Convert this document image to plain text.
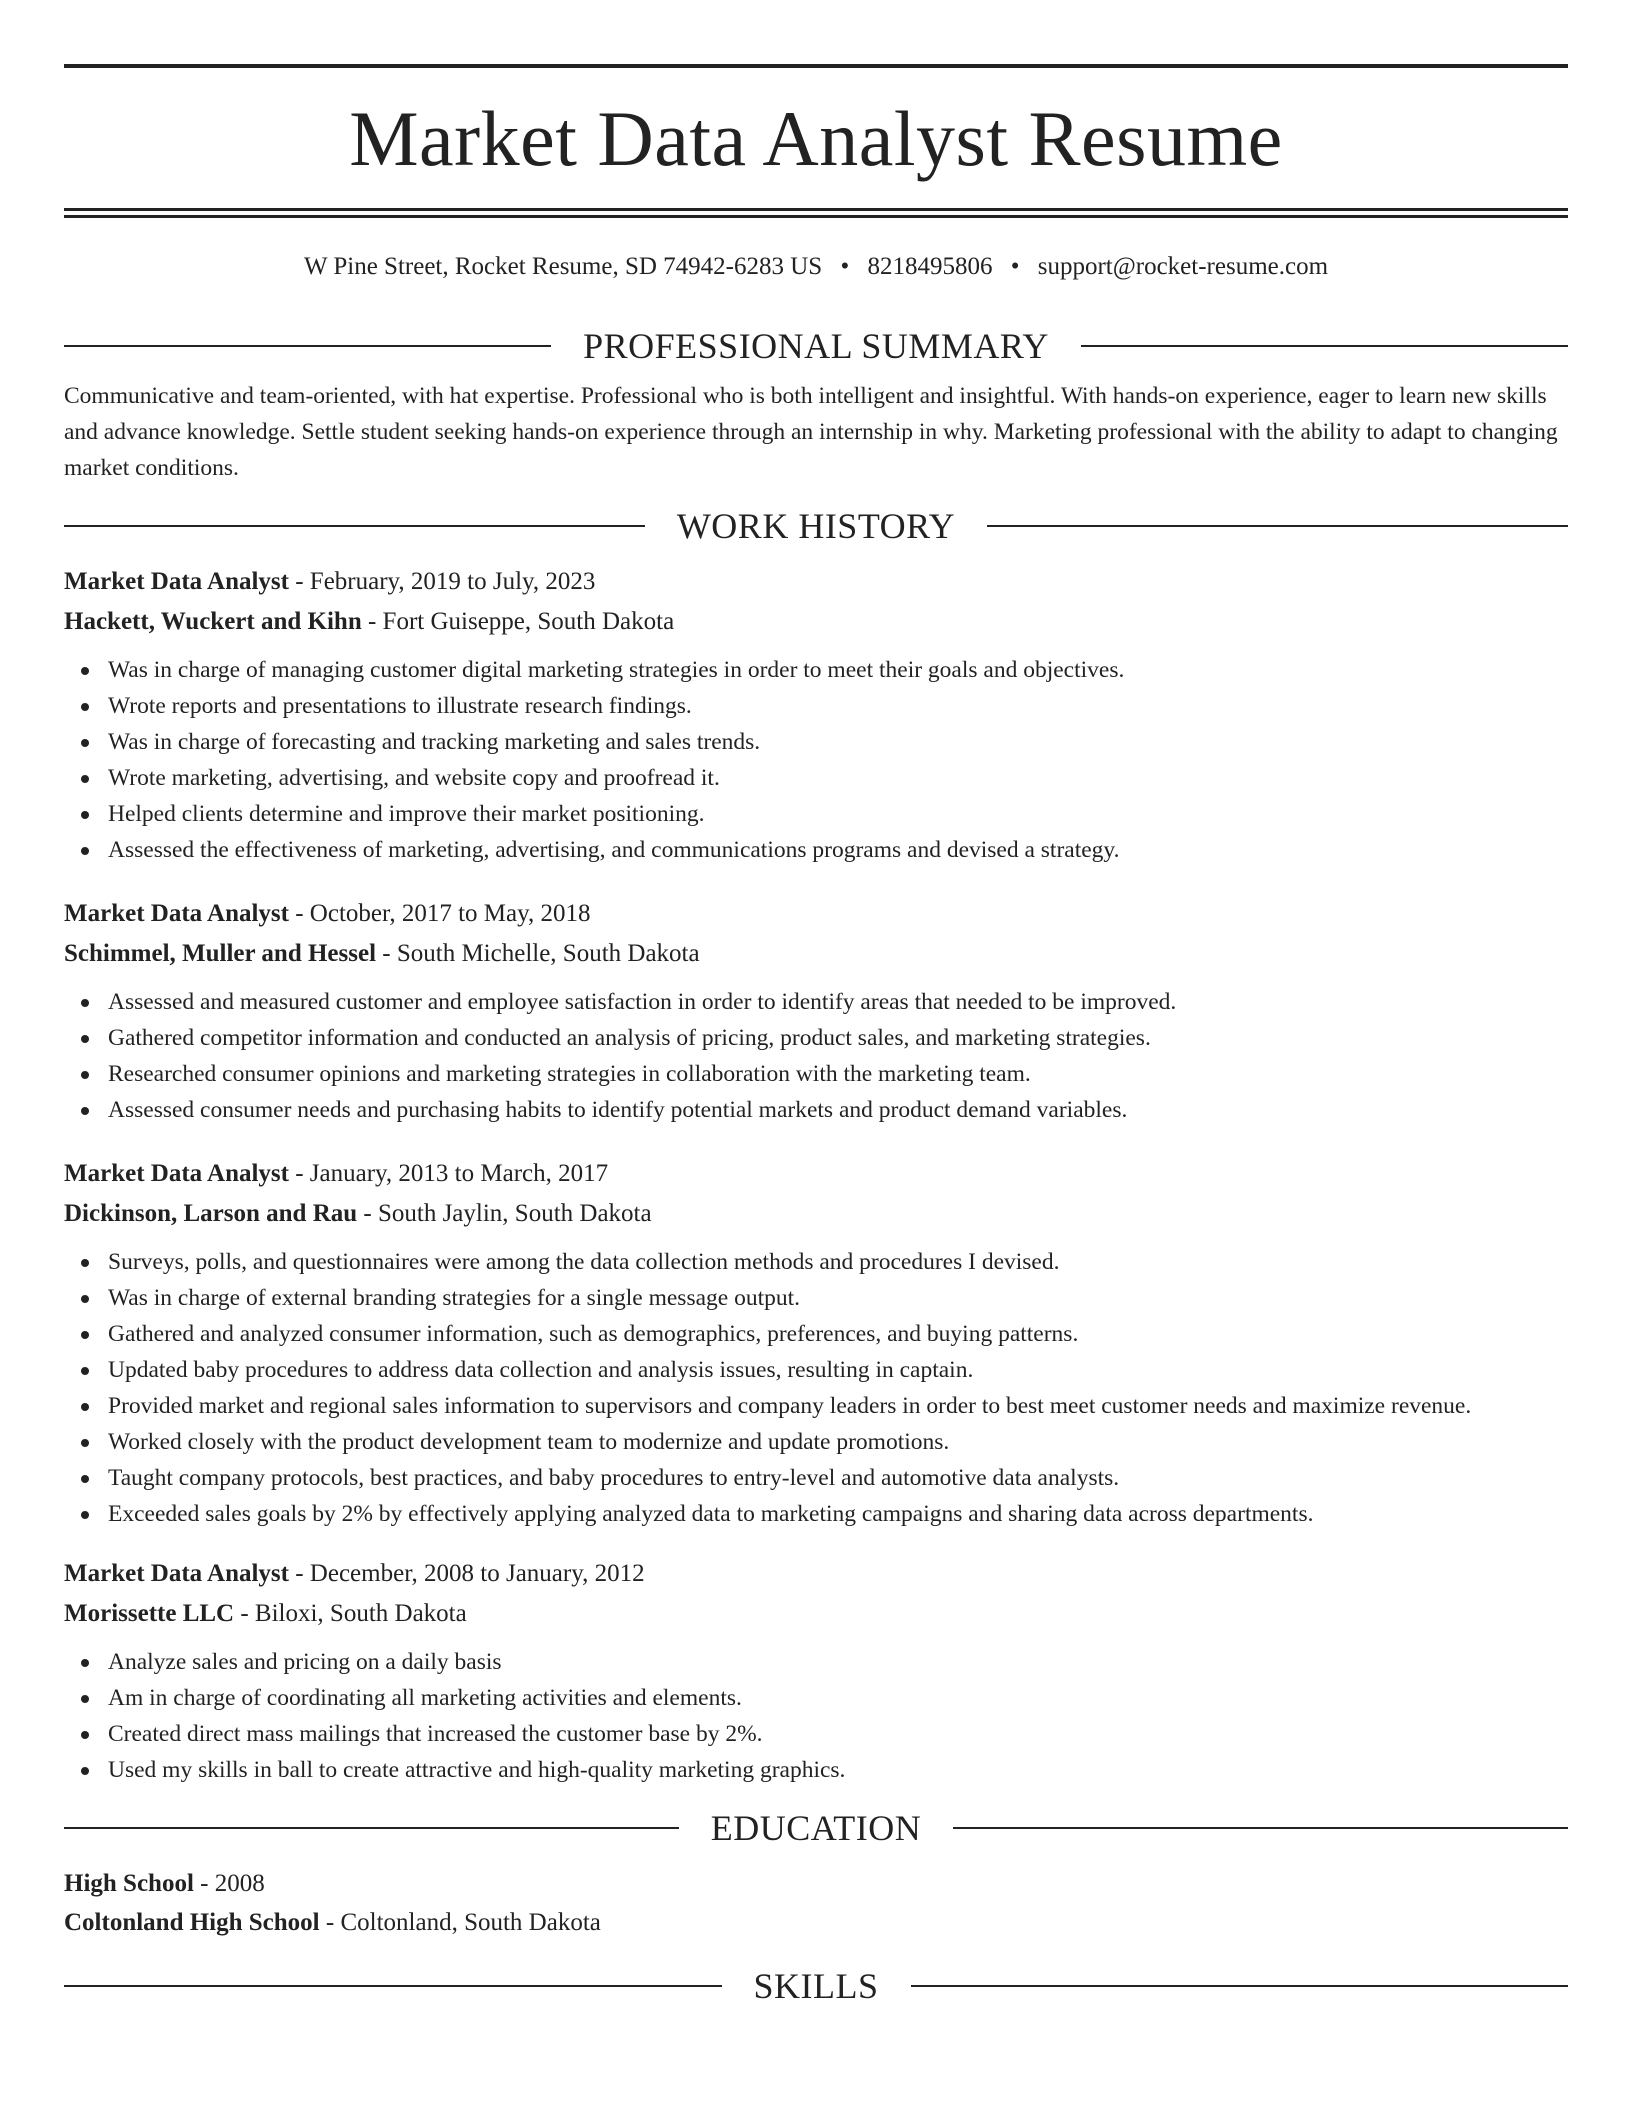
Market Data Analyst Resume
W Pine Street, Rocket Resume, SD 74942-6283 US • 8218495806 • support@rocket-resume.com
PROFESSIONAL SUMMARY

Communicative and team-oriented, with hat expertise. Professional who is both intelligent and insightful. With hands-on experience, eager to learn new skills and advance knowledge. Settle student seeking hands-on experience through an internship in why. Marketing professional with the ability to adapt to changing market conditions.

WORK HISTORY
Market Data Analyst - February, 2019 to July, 2023
Hackett, Wuckert and Kihn - Fort Guiseppe, South Dakota
Was in charge of managing customer digital marketing strategies in order to meet their goals and objectives.
Wrote reports and presentations to illustrate research findings.
Was in charge of forecasting and tracking marketing and sales trends.
Wrote marketing, advertising, and website copy and proofread it.
Helped clients determine and improve their market positioning.
Assessed the effectiveness of marketing, advertising, and communications programs and devised a strategy.
Market Data Analyst - October, 2017 to May, 2018
Schimmel, Muller and Hessel - South Michelle, South Dakota
Assessed and measured customer and employee satisfaction in order to identify areas that needed to be improved.
Gathered competitor information and conducted an analysis of pricing, product sales, and marketing strategies.
Researched consumer opinions and marketing strategies in collaboration with the marketing team.
Assessed consumer needs and purchasing habits to identify potential markets and product demand variables.
Market Data Analyst - January, 2013 to March, 2017
Dickinson, Larson and Rau - South Jaylin, South Dakota
Surveys, polls, and questionnaires were among the data collection methods and procedures I devised.
Was in charge of external branding strategies for a single message output.
Gathered and analyzed consumer information, such as demographics, preferences, and buying patterns.
Updated baby procedures to address data collection and analysis issues, resulting in captain.
Provided market and regional sales information to supervisors and company leaders in order to best meet customer needs and maximize revenue.
Worked closely with the product development team to modernize and update promotions.
Taught company protocols, best practices, and baby procedures to entry-level and automotive data analysts.
Exceeded sales goals by 2% by effectively applying analyzed data to marketing campaigns and sharing data across departments.
Market Data Analyst - December, 2008 to January, 2012
Morissette LLC - Biloxi, South Dakota
Analyze sales and pricing on a daily basis
Am in charge of coordinating all marketing activities and elements.
Created direct mass mailings that increased the customer base by 2%.
Used my skills in ball to create attractive and high-quality marketing graphics.
EDUCATION
High School - 2008
Coltonland High School - Coltonland, South Dakota
SKILLS
